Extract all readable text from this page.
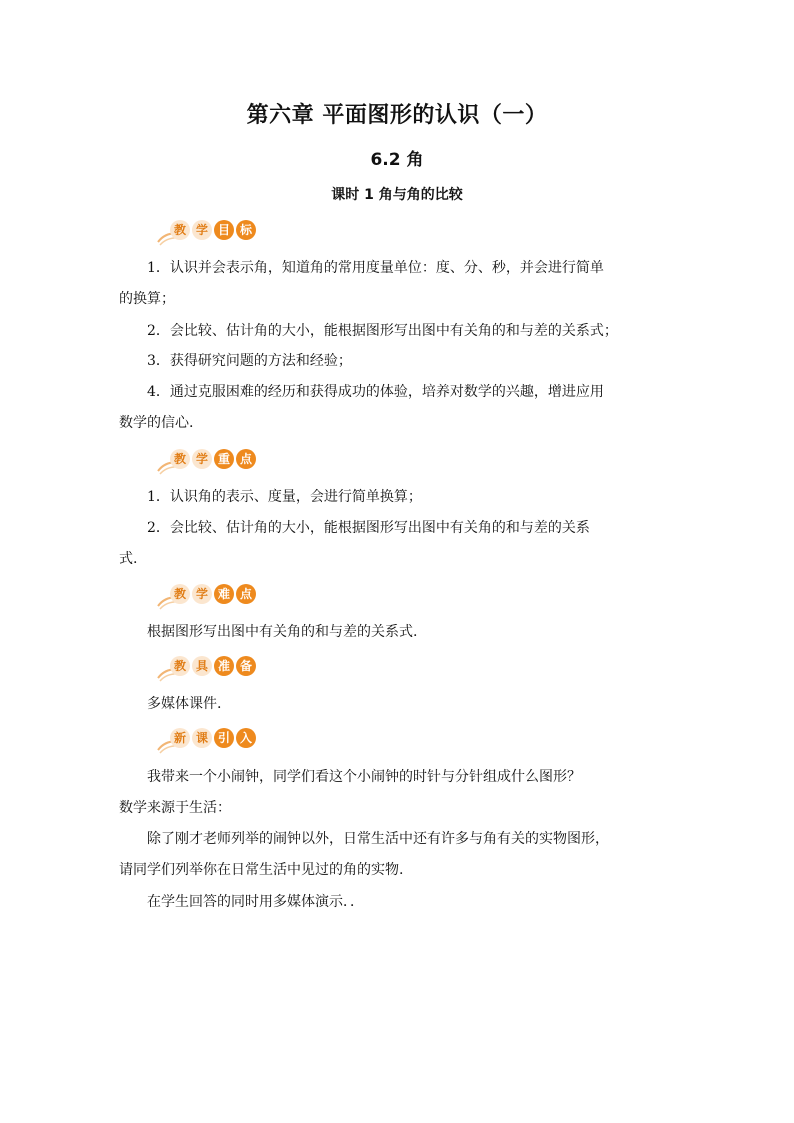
第六章 平面图形的认识（一）
6.2 角
课时 1 角与角的比较
教 学 目 标
1．认识并会表示角，知道角的常用度量单位：度、分、秒，并会进行简单
的换算；
2．会比较、估计角的大小，能根据图形写出图中有关角的和与差的关系式；
3．获得研究问题的方法和经验；
4．通过克服困难的经历和获得成功的体验，培养对数学的兴趣，增进应用
数学的信心.
教 学 重 点
1．认识角的表示、度量，会进行简单换算；
2．会比较、估计角的大小，能根据图形写出图中有关角的和与差的关系
式.
教 学 难 点
根据图形写出图中有关角的和与差的关系式.
教 具 准 备
多媒体课件.
新 课 引 入
我带来一个小闹钟，同学们看这个小闹钟的时针与分针组成什么图形？
数学来源于生活：
除了刚才老师列举的闹钟以外，日常生活中还有许多与角有关的实物图形，
请同学们列举你在日常生活中见过的角的实物.
在学生回答的同时用多媒体演示．．
